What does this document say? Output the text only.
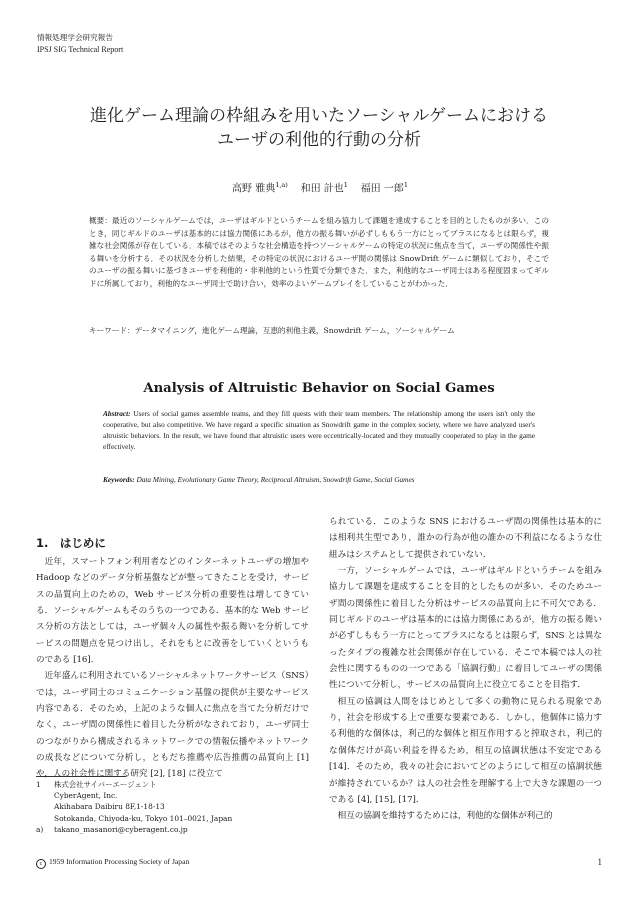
情報処理学会研究報告
IPSJ SIG Technical Report
進化ゲーム理論の枠組みを用いたソーシャルゲームにおける
ユーザの利他的行動の分析
高野 雅典$^{1,a)}$ 和田 計也$^1$ 福田 一郎$^1$
概要：最近のソーシャルゲームでは，ユーザはギルドというチームを組み協力して課題を達成することを目的としたものが多い．このとき，同じギルドのユーザは基本的には協力関係にあるが，他方の振る舞いが必ずしももう一方にとってプラスになるとは限らず，複雑な社会関係が存在している．本稿ではそのような社会構造を持つソーシャルゲームの特定の状況に焦点を当て，ユーザの関係性や振る舞いを分析する．その状況を分析した結果，その特定の状況におけるユーザ間の関係は SnowDrift ゲームに類似しており，そこでのユーザの振る舞いに基づきユーザを利他的・非利他的という性質で分類できた．また，利他的なユーザ同士はある程度固まってギルドに所属しており，利他的なユーザ同士で助け合い，効率のよいゲームプレイをしていることがわかった．
キーワード：データマイニング，進化ゲーム理論，互恵的利他主義，Snowdrift ゲーム，ソーシャルゲーム
Analysis of Altruistic Behavior on Social Games
Abstract: Users of social games assemble teams, and they fill quests with their team members. The relationship among the users isn't only the cooperative, but also competitive. We have regard a specific situation as Snowdrift game in the complex society, where we have analyzed user's altruistic behaviors. In the result, we have found that altruistic users were eccentrically-located and they mutually cooperated to play in the game effectively.
Keywords: Data Mining, Evolutionary Game Theory, Reciprocal Altruism, Snowdrift Game, Social Games
1.　はじめに

近年，スマートフォン利用者などのインターネットユーザの増加や Hadoop などのデータ分析基盤などが整ってきたことを受け，サービスの品質向上のための，Web サービス分析の重要性は増してきている．ソーシャルゲームもそのうちの一つである．基本的な Web サービス分析の方法としては，ユーザ個々人の属性や振る舞いを分析してサービスの問題点を見つけ出し，それをもとに改善をしていくというものである [16]．

近年盛んに利用されているソーシャルネットワークサービス（SNS）では，ユーザ同士のコミュニケーション基盤の提供が主要なサービス内容である．そのため，上記のような個人に焦点を当てた分析だけでなく，ユーザ間の関係性に着目した分析がなされており，ユーザ同士のつながりから構成されるネットワークでの情報伝播やネットワークの成長などについて分析し，ともだち推薦や広告推薦の品質向上 [1] や，人の社会性に関する研究 [2], [18] に役立て

られている．このような SNS におけるユーザ間の関係性は基本的には相利共生型であり，誰かの行為が他の誰かの不利益になるような仕組みはシステムとして提供されていない．

一方，ソーシャルゲームでは，ユーザはギルドというチームを組み協力して課題を達成することを目的としたものが多い．そのためユーザ間の関係性に着目した分析はサービスの品質向上に不可欠である．同じギルドのユーザは基本的には協力関係にあるが，他方の振る舞いが必ずしももう一方にとってプラスになるとは限らず，SNS とは異なったタイプの複雑な社会関係が存在している．そこで本稿では人の社会性に関するものの一つである「協調行動」に着目してユーザの関係性について分析し，サービスの品質向上に役立てることを目指す．

相互の協調は人間をはじめとして多くの動物に見られる現象であり，社会を形成する上で重要な要素である．しかし，他個体に協力する利他的な個体は，利己的な個体と相互作用すると搾取され，利己的な個体だけが高い利益を得るため，相互の協調状態は不安定である [14]．そのため，我々の社会においてどのようにして相互の協調状態が維持されているか？は人の社会性を理解する上で大きな課題の一つである [4], [15], [17]．

相互の協調を維持するためには，利他的な個体が利己的

1 株式会社サイバーエージェント
CyberAgent, Inc.
Akihabara Daibiru 8F,1-18-13
Sotokanda, Chiyoda-ku, Tokyo 101–0021, Japan
a) takano_masanori@cyberagent.co.jp
c 1959 Information Processing Society of Japan	1
